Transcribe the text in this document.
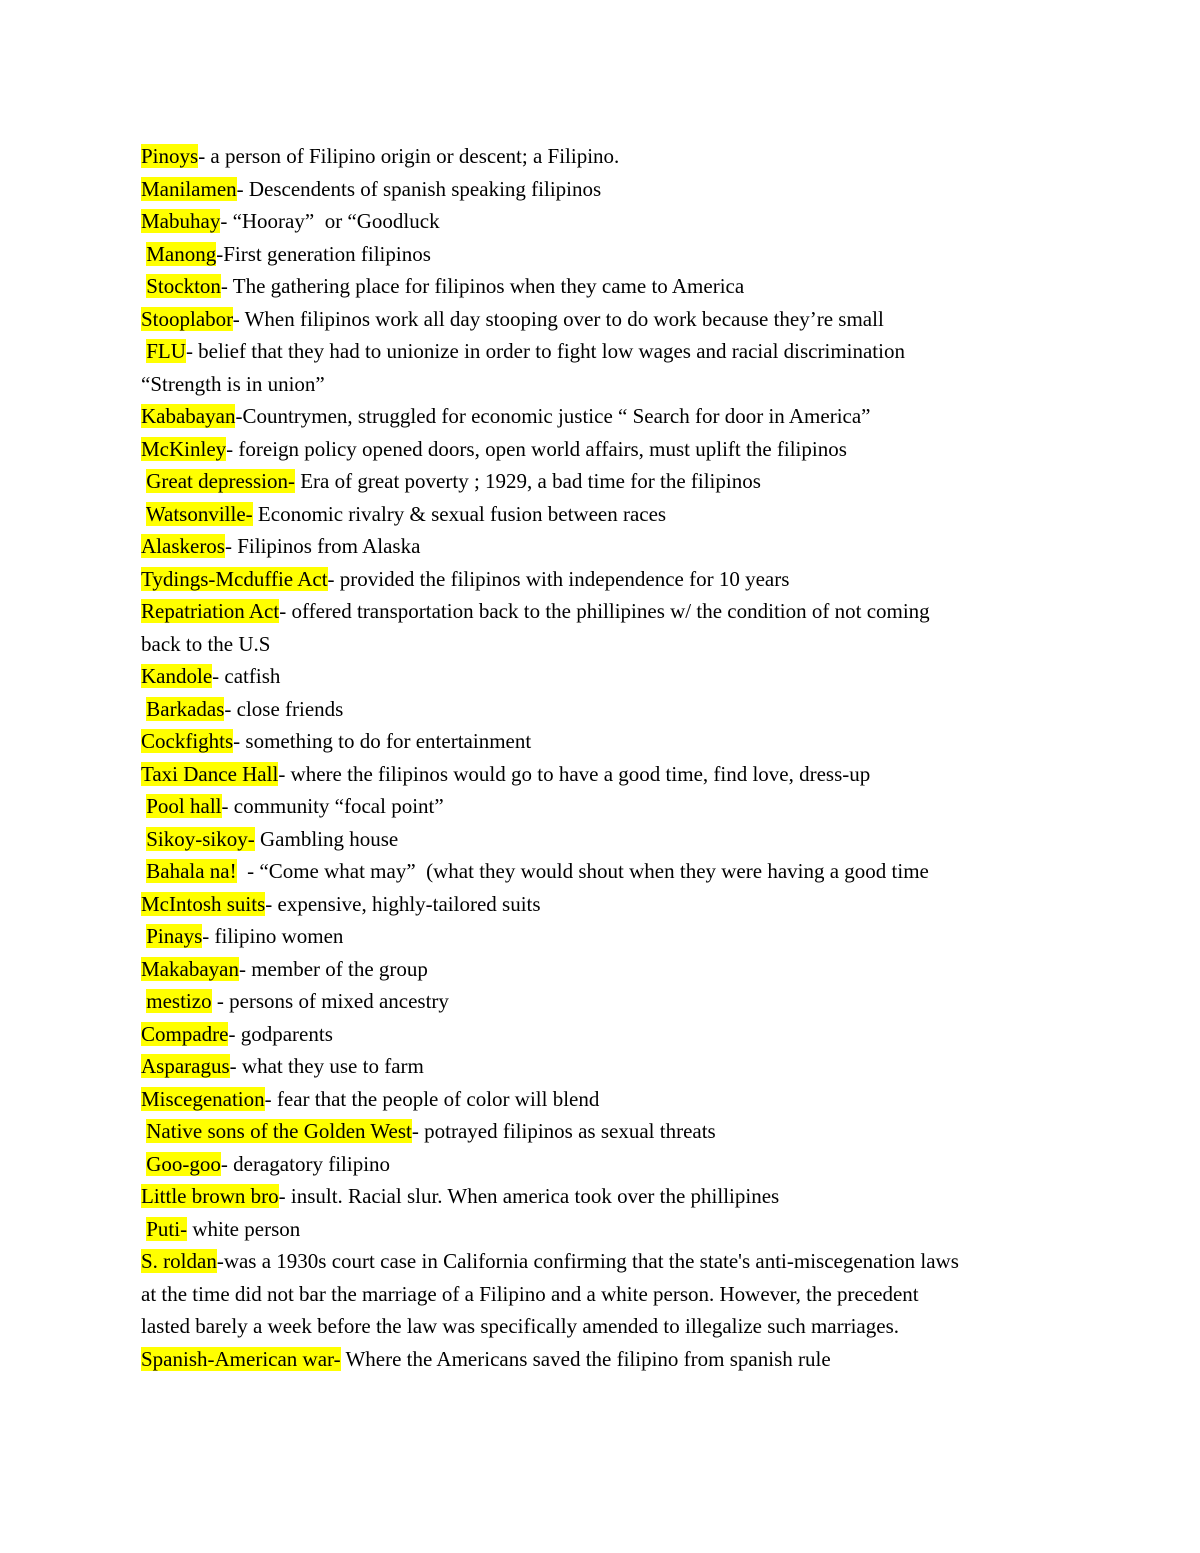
Pinoys- a person of Filipino origin or descent; a Filipino.
Manilamen- Descendents of spanish speaking filipinos
Mabuhay- “Hooray”  or “Goodluck
Manong-First generation filipinos
Stockton- The gathering place for filipinos when they came to America
Stooplabor- When filipinos work all day stooping over to do work because they’re small
FLU- belief that they had to unionize in order to fight low wages and racial discrimination
“Strength is in union”
Kababayan-Countrymen, struggled for economic justice “ Search for door in America”
McKinley- foreign policy opened doors, open world affairs, must uplift the filipinos
Great depression- Era of great poverty ; 1929, a bad time for the filipinos
Watsonville- Economic rivalry & sexual fusion between races
Alaskeros- Filipinos from Alaska
Tydings-Mcduffie Act- provided the filipinos with independence for 10 years
Repatriation Act- offered transportation back to the phillipines w/ the condition of not coming
back to the U.S
Kandole- catfish
Barkadas- close friends
Cockfights- something to do for entertainment
Taxi Dance Hall- where the filipinos would go to have a good time, find love, dress-up
Pool hall- community “focal point”
Sikoy-sikoy- Gambling house
Bahala na!  - “Come what may”  (what they would shout when they were having a good time
McIntosh suits- expensive, highly-tailored suits
Pinays- filipino women
Makabayan- member of the group
mestizo - persons of mixed ancestry
Compadre- godparents
Asparagus- what they use to farm
Miscegenation- fear that the people of color will blend
Native sons of the Golden West- potrayed filipinos as sexual threats
Goo-goo- deragatory filipino
Little brown bro- insult. Racial slur. When america took over the phillipines
Puti- white person
S. roldan-was a 1930s court case in California confirming that the state's anti-miscegenation laws
at the time did not bar the marriage of a Filipino and a white person. However, the precedent
lasted barely a week before the law was specifically amended to illegalize such marriages.
Spanish-American war- Where the Americans saved the filipino from spanish rule
